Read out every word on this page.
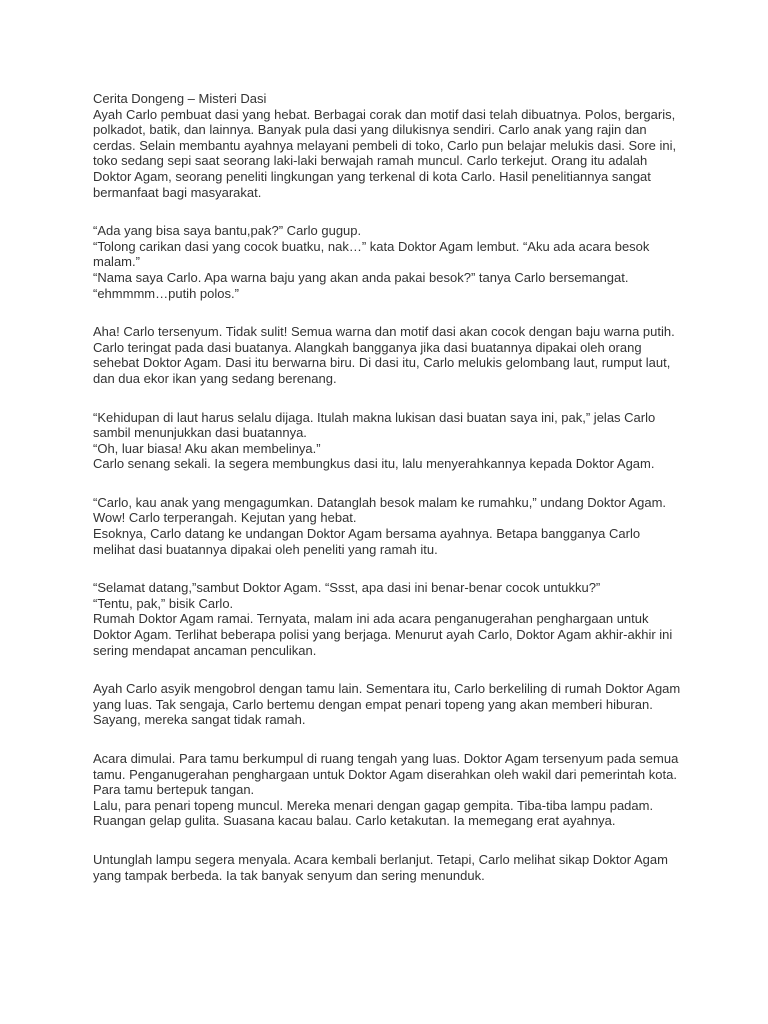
Cerita Dongeng – Misteri Dasi

Ayah Carlo pembuat dasi yang hebat. Berbagai corak dan motif dasi telah dibuatnya. Polos, bergaris, polkadot, batik, dan lainnya. Banyak pula dasi yang dilukisnya sendiri. Carlo anak yang rajin dan cerdas. Selain membantu ayahnya melayani pembeli di toko, Carlo pun belajar melukis dasi. Sore ini, toko sedang sepi saat seorang laki-laki berwajah ramah muncul. Carlo terkejut. Orang itu adalah Doktor Agam, seorang peneliti lingkungan yang terkenal di kota Carlo. Hasil penelitiannya sangat bermanfaat bagi masyarakat.

“Ada yang bisa saya bantu,pak?” Carlo gugup.
“Tolong carikan dasi yang cocok buatku, nak…” kata Doktor Agam lembut. “Aku ada acara besok malam.”
“Nama saya Carlo. Apa warna baju yang akan anda pakai besok?” tanya Carlo bersemangat.
“ehmmmm…putih polos.”

Aha! Carlo tersenyum. Tidak sulit! Semua warna dan motif dasi akan cocok dengan baju warna putih. Carlo teringat pada dasi buatanya. Alangkah bangganya jika dasi buatannya dipakai oleh orang sehebat Doktor Agam. Dasi itu berwarna biru. Di dasi itu, Carlo melukis gelombang laut, rumput laut, dan dua ekor ikan yang sedang berenang.

“Kehidupan di laut harus selalu dijaga. Itulah makna lukisan dasi buatan saya ini, pak,” jelas Carlo sambil menunjukkan dasi buatannya.
“Oh, luar biasa! Aku akan membelinya.”
Carlo senang sekali. Ia segera membungkus dasi itu, lalu menyerahkannya kepada Doktor Agam.

“Carlo, kau anak yang mengagumkan. Datanglah besok malam ke rumahku,” undang Doktor Agam.
Wow! Carlo terperangah. Kejutan yang hebat.
Esoknya, Carlo datang ke undangan Doktor Agam bersama ayahnya. Betapa bangganya Carlo melihat dasi buatannya dipakai oleh peneliti yang ramah itu.

“Selamat datang,”sambut Doktor Agam. “Ssst, apa dasi ini benar-benar cocok untukku?”
“Tentu, pak,” bisik Carlo.
Rumah Doktor Agam ramai. Ternyata, malam ini ada acara penganugerahan penghargaan untuk Doktor Agam. Terlihat beberapa polisi yang berjaga. Menurut ayah Carlo, Doktor Agam akhir-akhir ini sering mendapat ancaman penculikan.

Ayah Carlo asyik mengobrol dengan tamu lain. Sementara itu, Carlo berkeliling di rumah Doktor Agam yang luas. Tak sengaja, Carlo bertemu dengan empat penari topeng yang akan memberi hiburan. Sayang, mereka sangat tidak ramah.

Acara dimulai. Para tamu berkumpul di ruang tengah yang luas. Doktor Agam tersenyum pada semua tamu. Penganugerahan penghargaan untuk Doktor Agam diserahkan oleh wakil dari pemerintah kota. Para tamu bertepuk tangan.
Lalu, para penari topeng muncul. Mereka menari dengan gagap gempita. Tiba-tiba lampu padam. Ruangan gelap gulita. Suasana kacau balau. Carlo ketakutan. Ia memegang erat ayahnya.

Untunglah lampu segera menyala. Acara kembali berlanjut. Tetapi, Carlo melihat sikap Doktor Agam yang tampak berbeda. Ia tak banyak senyum dan sering menunduk.
